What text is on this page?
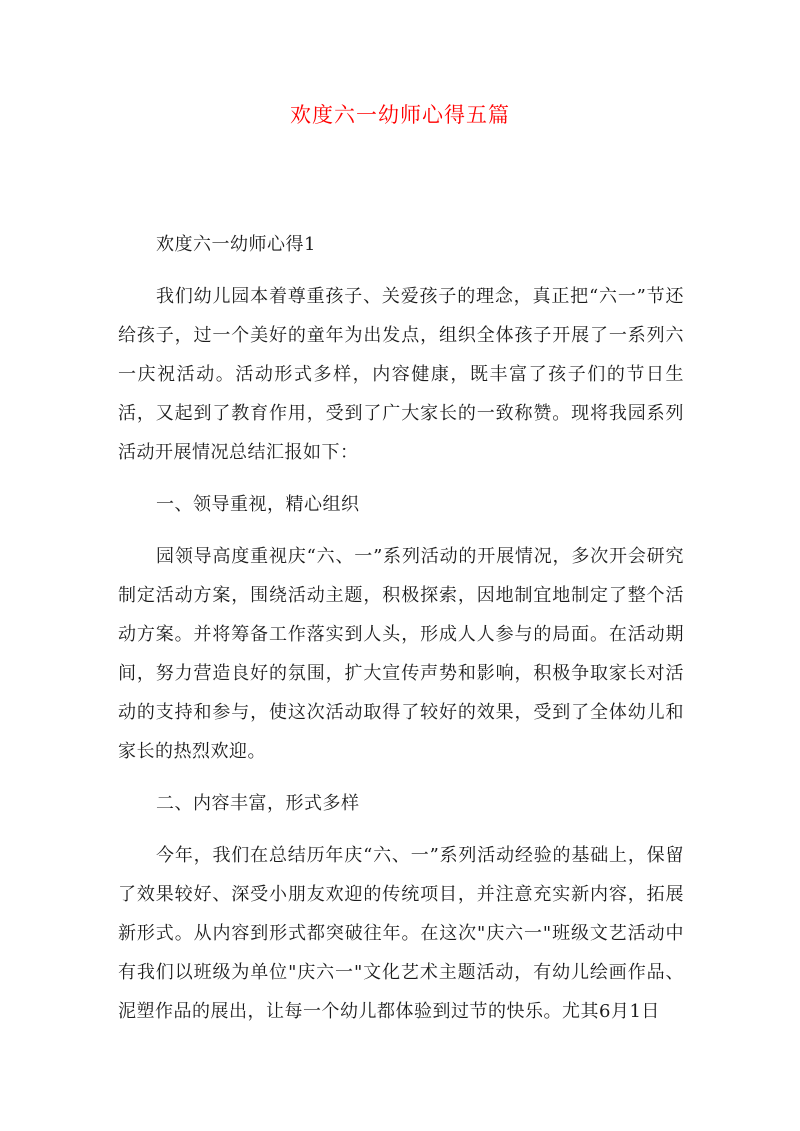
欢度六一幼师心得五篇

欢度六一幼师心得1

我们幼儿园本着尊重孩子、关爱孩子的理念，真正把“六一”节还给孩子，过一个美好的童年为出发点，组织全体孩子开展了一系列六一庆祝活动。活动形式多样，内容健康，既丰富了孩子们的节日生活，又起到了教育作用，受到了广大家长的一致称赞。现将我园系列活动开展情况总结汇报如下：

一、领导重视，精心组织

园领导高度重视庆“六、一”系列活动的开展情况，多次开会研究制定活动方案，围绕活动主题，积极探索，因地制宜地制定了整个活动方案。并将筹备工作落实到人头，形成人人参与的局面。在活动期间，努力营造良好的氛围，扩大宣传声势和影响，积极争取家长对活动的支持和参与，使这次活动取得了较好的效果，受到了全体幼儿和家长的热烈欢迎。

二、内容丰富，形式多样

今年，我们在总结历年庆“六、一”系列活动经验的基础上，保留了效果较好、深受小朋友欢迎的传统项目，并注意充实新内容，拓展新形式。从内容到形式都突破往年。在这次"庆六一"班级文艺活动中有我们以班级为单位"庆六一"文化艺术主题活动，有幼儿绘画作品、泥塑作品的展出，让每一个幼儿都体验到过节的快乐。尤其6月1日
